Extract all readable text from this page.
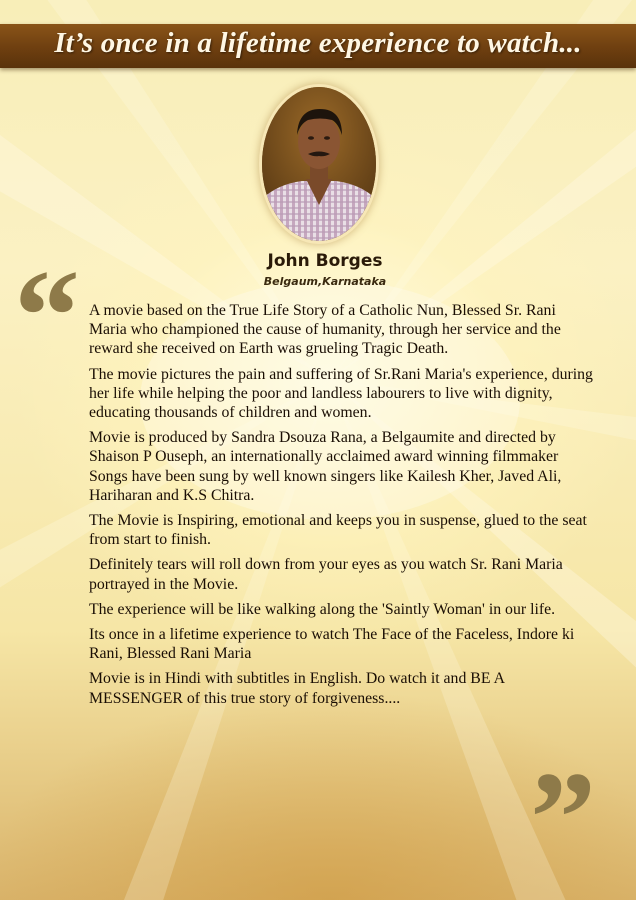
It’s once in a lifetime experience to watch...
John Borges
Belgaum,Karnataka
“ A movie based on the True Life Story of a Catholic Nun, Blessed Sr. Rani Maria who championed the cause of humanity, through her service and the reward she received on Earth was grueling Tragic Death.

The movie pictures the pain and suffering of Sr.Rani Maria's experience, during her life while helping the poor and landless labourers to live with dignity, educating thousands of children and women.

Movie is produced by Sandra Dsouza Rana, a Belgaumite and directed by Shaison P Ouseph, an internationally acclaimed award winning filmmaker Songs have been sung by well known singers like Kailesh Kher, Javed Ali, Hariharan and K.S Chitra.

The Movie is Inspiring, emotional and keeps you in suspense, glued to the seat from start to finish.

Definitely tears will roll down from your eyes as you watch Sr. Rani Maria portrayed in the Movie.

The experience will be like walking along the 'Saintly Woman' in our life.

Its once in a lifetime experience to watch The Face of the Faceless, Indore ki Rani, Blessed Rani Maria

Movie is in Hindi with subtitles in English. Do watch it and BE A MESSENGER of this true story of forgiveness....

”
